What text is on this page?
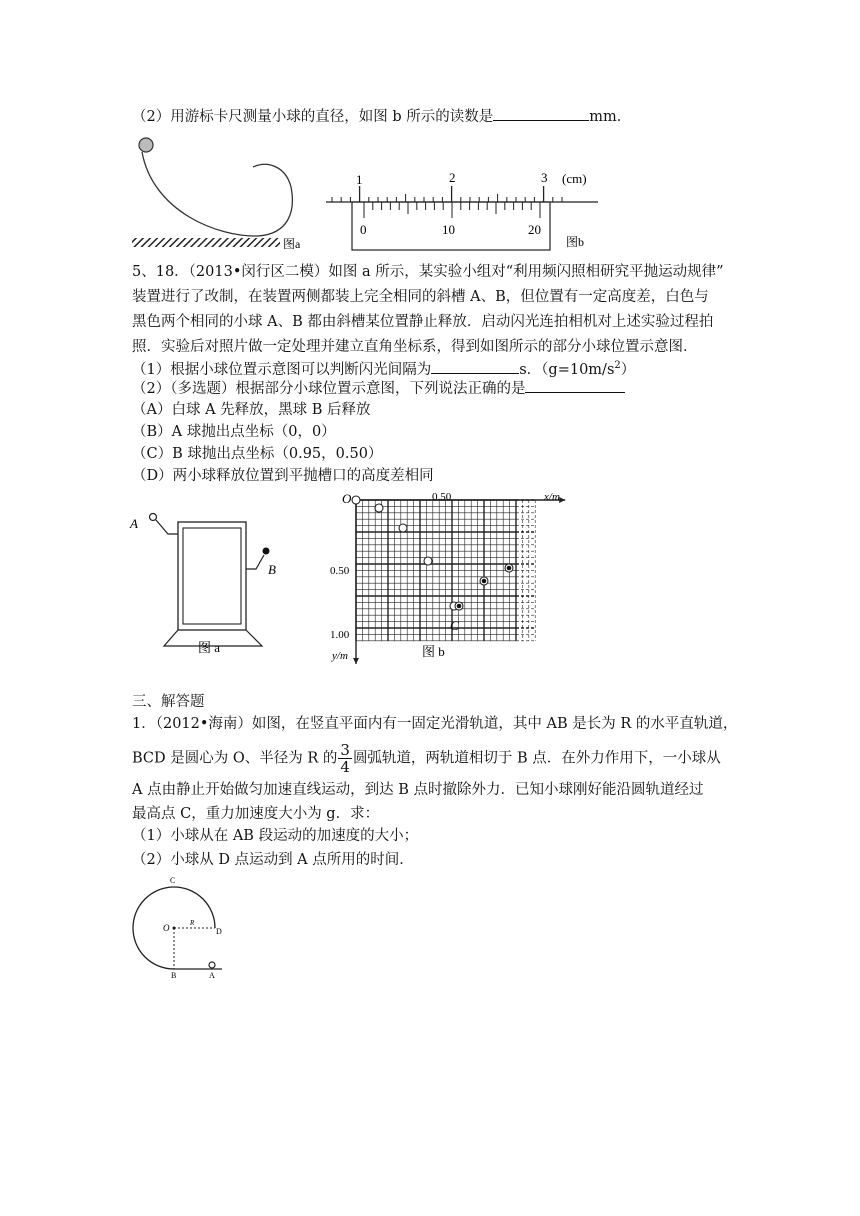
（2）用游标卡尺测量小球的直径，如图 b 所示的读数是	mm．
图a
1	2	3 (cm)
0	10	20
图b
5、18．（2013•闵行区二模）如图 a 所示，某实验小组对“利用频闪照相研究平抛运动规律”
装置进行了改制，在装置两侧都装上完全相同的斜槽 A、B，但位置有一定高度差，白色与
黑色两个相同的小球 A、B 都由斜槽某位置静止释放．启动闪光连拍相机对上述实验过程拍
照．实验后对照片做一定处理并建立直角坐标系，得到如图所示的部分小球位置示意图．
（1）根据小球位置示意图可以判断闪光间隔为	s．$(g=10m/s^2)$
（2）（多选题）根据部分小球位置示意图，下列说法正确的是
（A）白球 A 先释放，黑球 B 后释放
（B）A 球抛出点坐标（0，0）
（C）B 球抛出点坐标（0.95，0.50）
（D）两小球释放位置到平抛槽口的高度差相同
A
B
图 a
O	0.50	x/m
0.50
1.00
y/m
C
图 b
三、解答题
1．（2012•海南）如图，在竖直平面内有一固定光滑轨道，其中 AB 是长为 R 的水平直轨道，
BCD 是圆心为 O、半径为 R 的 $\frac{3}{4}$ 圆弧轨道，两轨道相切于 B 点．在外力作用下，一小球从
A 点由静止开始做匀加速直线运动，到达 B 点时撤除外力．已知小球刚好能沿圆轨道经过
最高点 C，重力加速度大小为 g．求：
（1）小球从在 AB 段运动的加速度的大小；
（2）小球从 D 点运动到 A 点所用的时间．
C
O	R
D
B	A
